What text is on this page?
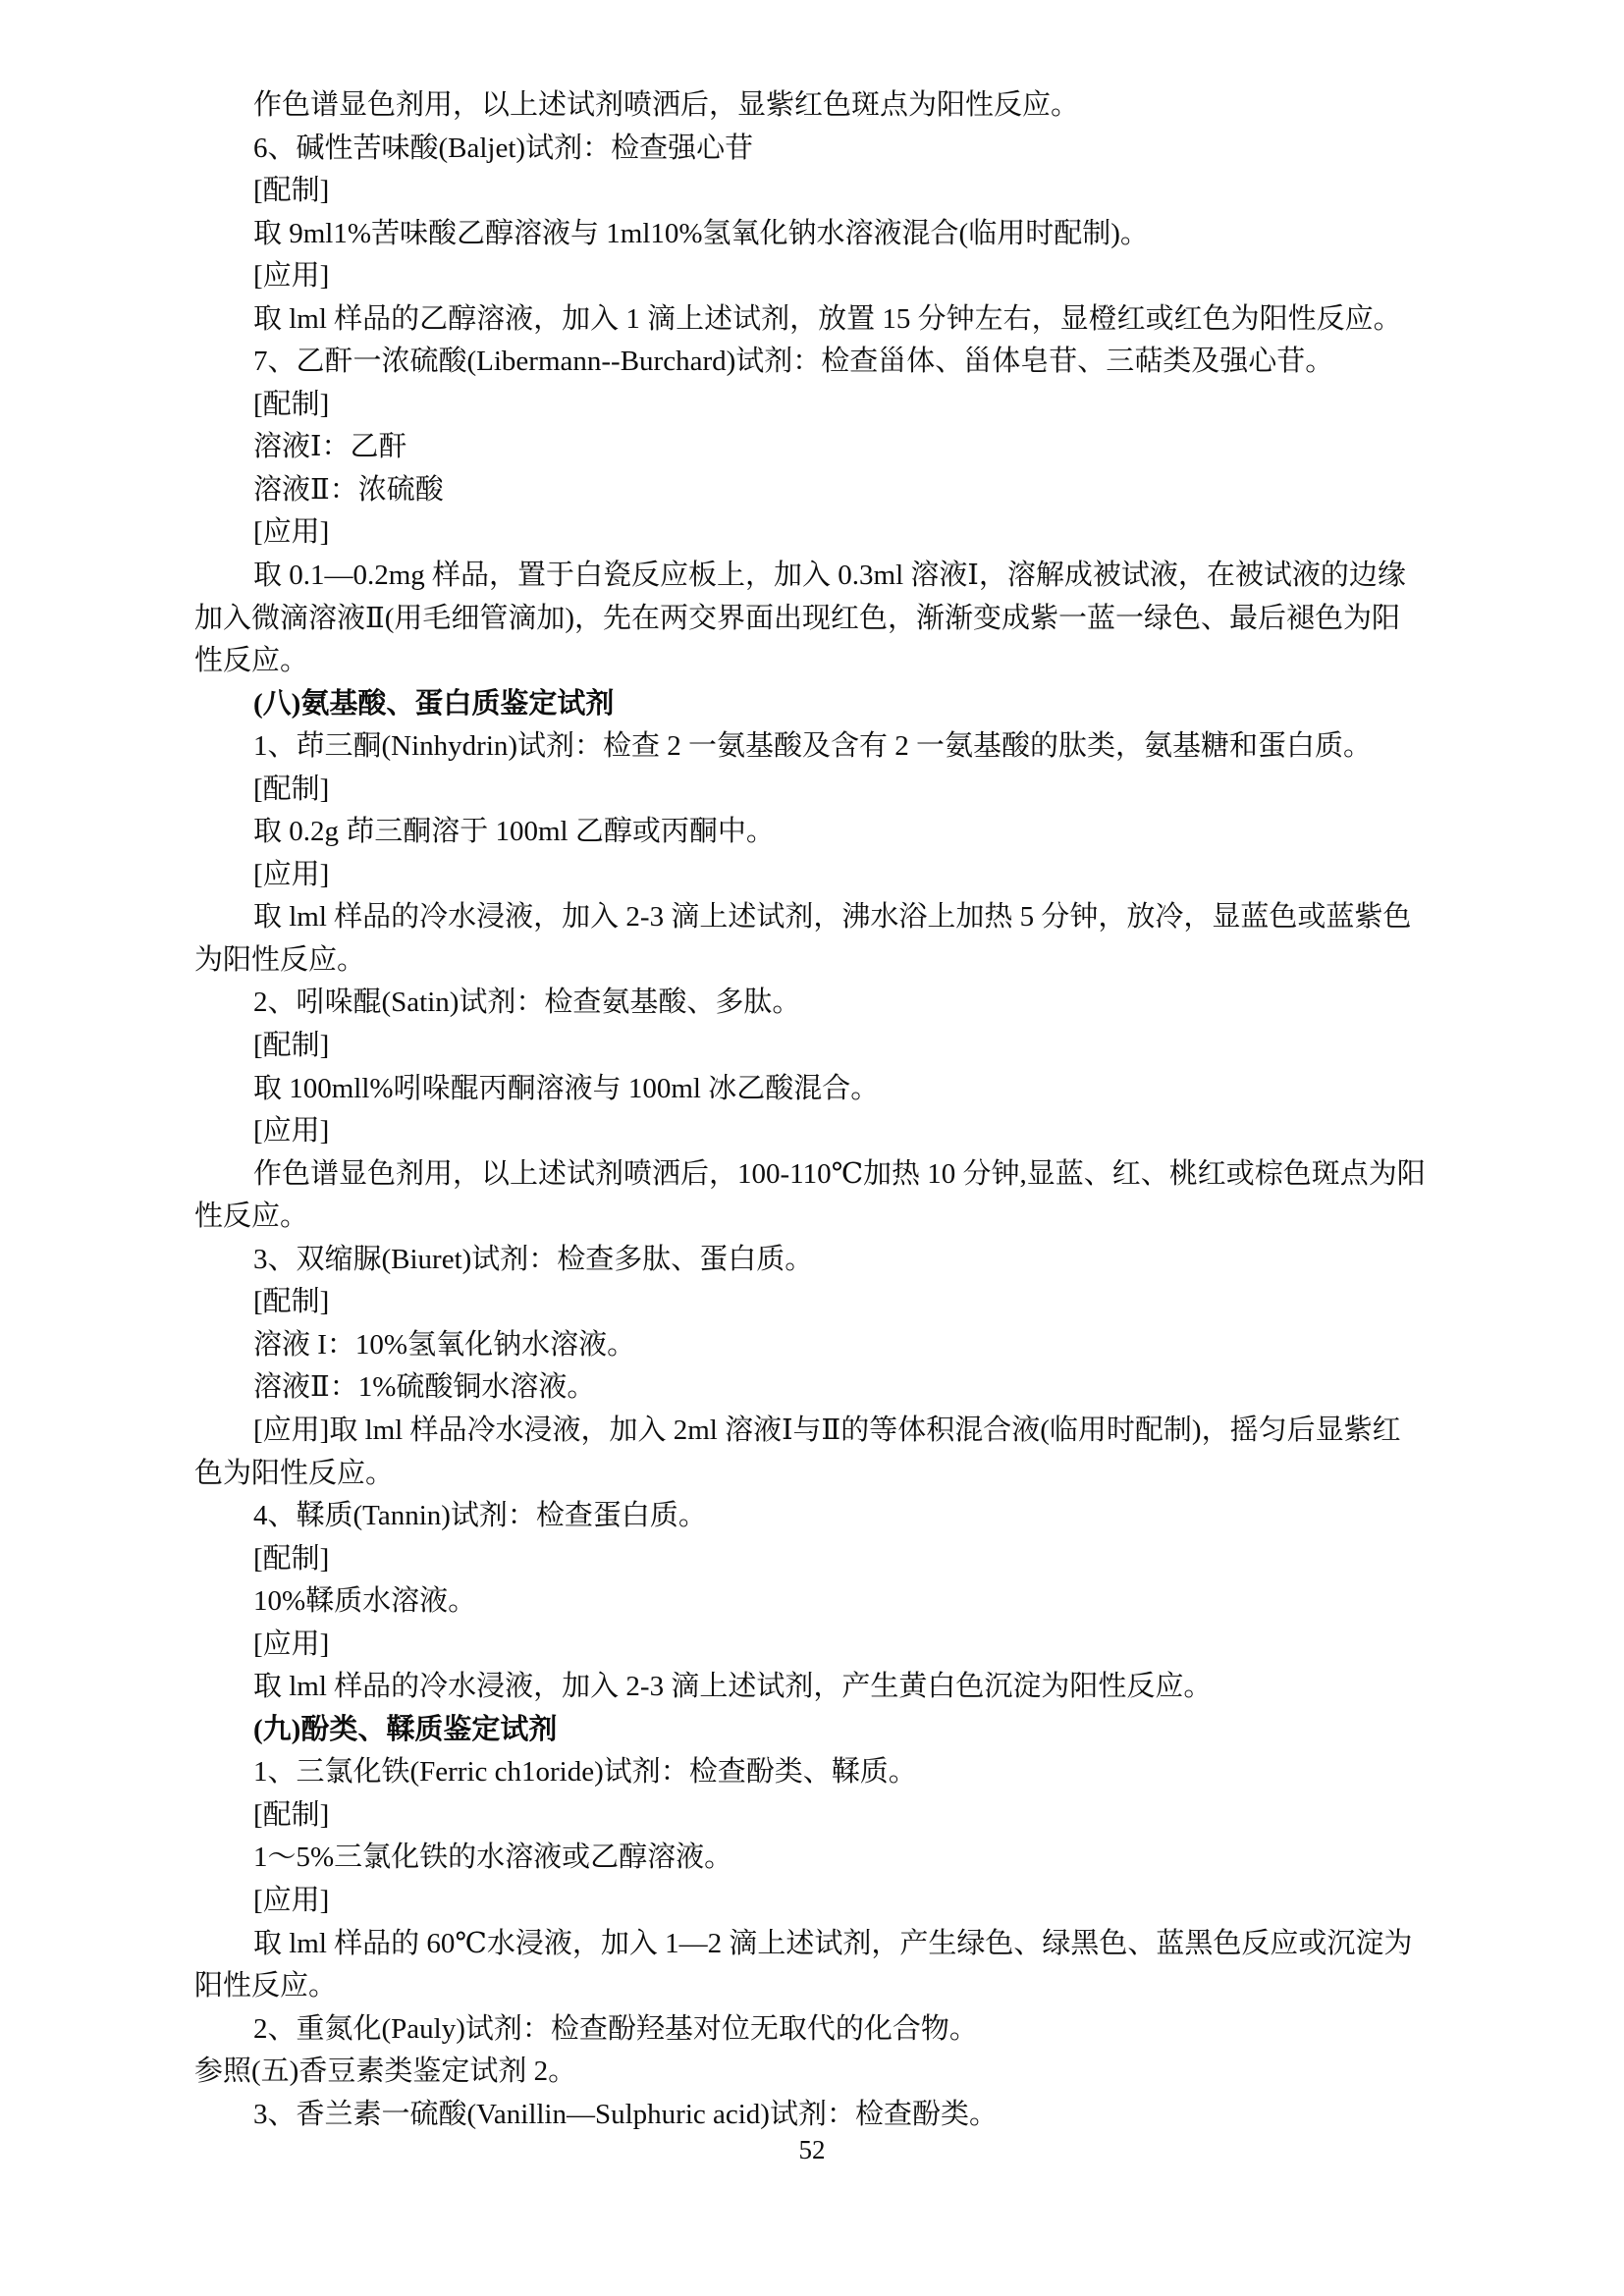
作色谱显色剂用，以上述试剂喷洒后，显紫红色斑点为阳性反应。
6、碱性苦味酸(Baljet)试剂：检查强心苷
[配制]
取 9ml1%苦味酸乙醇溶液与 1ml10%氢氧化钠水溶液混合(临用时配制)。
[应用]
取 lml 样品的乙醇溶液，加入 1 滴上述试剂，放置 15 分钟左右，显橙红或红色为阳性反应。
7、乙酐一浓硫酸(Libermann--Burchard)试剂：检查甾体、甾体皂苷、三萜类及强心苷。
[配制]
溶液Ⅰ：乙酐
溶液Ⅱ：浓硫酸
[应用]
取 0.1—0.2mg 样品，置于白瓷反应板上，加入 0.3ml 溶液Ⅰ，溶解成被试液，在被试液的边缘
加入微滴溶液Ⅱ(用毛细管滴加)，先在两交界面出现红色，渐渐变成紫一蓝一绿色、最后褪色为阳
性反应。
(八)氨基酸、蛋白质鉴定试剂
1、茚三酮(Ninhydrin)试剂：检查 2 一氨基酸及含有 2 一氨基酸的肽类，氨基糖和蛋白质。
[配制]
取 0.2g 茚三酮溶于 100ml 乙醇或丙酮中。
[应用]
取 lml 样品的冷水浸液，加入 2-3 滴上述试剂，沸水浴上加热 5 分钟，放冷，显蓝色或蓝紫色
为阳性反应。
2、吲哚醌(Satin)试剂：检查氨基酸、多肽。
[配制]
取 100mll%吲哚醌丙酮溶液与 100ml 冰乙酸混合。
[应用]
作色谱显色剂用，以上述试剂喷洒后，100-110℃加热 10 分钟,显蓝、红、桃红或棕色斑点为阳
性反应。
3、双缩脲(Biuret)试剂：检查多肽、蛋白质。
[配制]
溶液 I：10%氢氧化钠水溶液。
溶液Ⅱ：1%硫酸铜水溶液。
[应用]取 lml 样品冷水浸液，加入 2ml 溶液Ⅰ与Ⅱ的等体积混合液(临用时配制)，摇匀后显紫红
色为阳性反应。
4、鞣质(Tannin)试剂：检查蛋白质。
[配制]
10%鞣质水溶液。
[应用]
取 lml 样品的冷水浸液，加入 2-3 滴上述试剂，产生黄白色沉淀为阳性反应。
(九)酚类、鞣质鉴定试剂
1、三氯化铁(Ferric ch1oride)试剂：检查酚类、鞣质。
[配制]
1～5%三氯化铁的水溶液或乙醇溶液。
[应用]
取 lml 样品的 60℃水浸液，加入 1—2 滴上述试剂，产生绿色、绿黑色、蓝黑色反应或沉淀为
阳性反应。
2、重氮化(Pauly)试剂：检查酚羟基对位无取代的化合物。
参照(五)香豆素类鉴定试剂 2。
3、香兰素一硫酸(Vanillin—Sulphuric acid)试剂：检查酚类。
52
